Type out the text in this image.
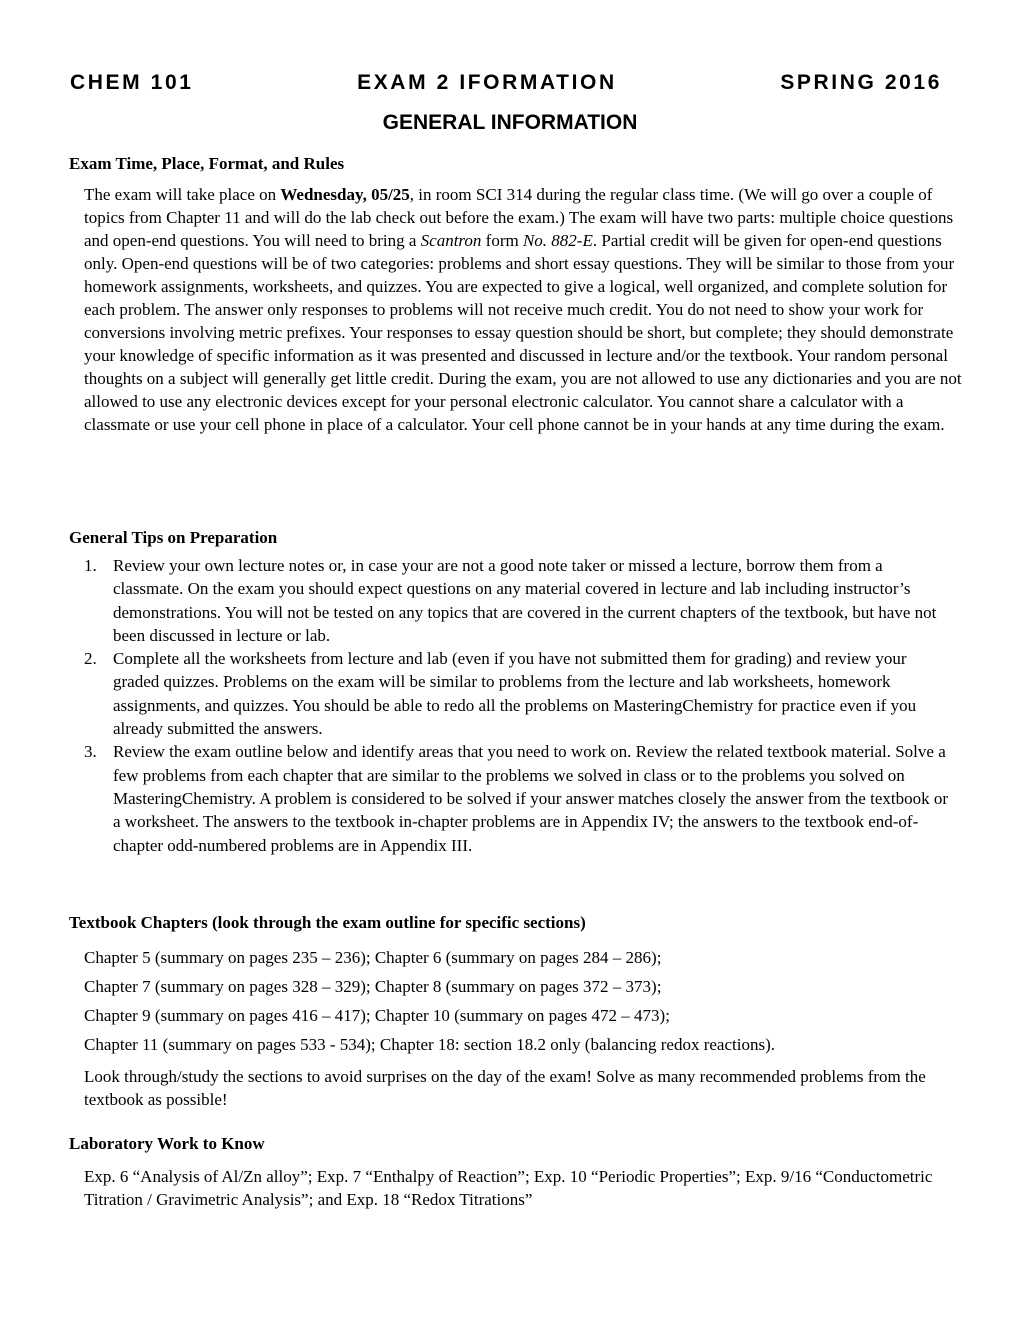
CHEM 101	EXAM 2 IFORMATION	SPRING 2016
GENERAL INFORMATION
Exam Time, Place, Format, and Rules

The exam will take place on Wednesday, 05/25, in room SCI 314 during the regular class time. (We will go over a couple of topics from Chapter 11 and will do the lab check out before the exam.) The exam will have two parts: multiple choice questions and open-end questions. You will need to bring a Scantron form No. 882-E. Partial credit will be given for open-end questions only. Open-end questions will be of two categories: problems and short essay questions. They will be similar to those from your homework assignments, worksheets, and quizzes. You are expected to give a logical, well organized, and complete solution for each problem. The answer only responses to problems will not receive much credit. You do not need to show your work for conversions involving metric prefixes. Your responses to essay question should be short, but complete; they should demonstrate your knowledge of specific information as it was presented and discussed in lecture and/or the textbook. Your random personal thoughts on a subject will generally get little credit. During the exam, you are not allowed to use any dictionaries and you are not allowed to use any electronic devices except for your personal electronic calculator. You cannot share a calculator with a classmate or use your cell phone in place of a calculator. Your cell phone cannot be in your hands at any time during the exam.

General Tips on Preparation
1. Review your own lecture notes or, in case your are not a good note taker or missed a lecture, borrow them from a classmate. On the exam you should expect questions on any material covered in lecture and lab including instructor’s demonstrations. You will not be tested on any topics that are covered in the current chapters of the textbook, but have not been discussed in lecture or lab.
2. Complete all the worksheets from lecture and lab (even if you have not submitted them for grading) and review your graded quizzes. Problems on the exam will be similar to problems from the lecture and lab worksheets, homework assignments, and quizzes. You should be able to redo all the problems on MasteringChemistry for practice even if you already submitted the answers.
3. Review the exam outline below and identify areas that you need to work on. Review the related textbook material. Solve a few problems from each chapter that are similar to the problems we solved in class or to the problems you solved on MasteringChemistry. A problem is considered to be solved if your answer matches closely the answer from the textbook or a worksheet. The answers to the textbook in-chapter problems are in Appendix IV; the answers to the textbook end-of-chapter odd-numbered problems are in Appendix III.
Textbook Chapters (look through the exam outline for specific sections)
Chapter 5 (summary on pages 235 – 236); Chapter 6 (summary on pages 284 – 286);
Chapter 7 (summary on pages 328 – 329); Chapter 8 (summary on pages 372 – 373);
Chapter 9 (summary on pages 416 – 417); Chapter 10 (summary on pages 472 – 473);
Chapter 11 (summary on pages 533 - 534); Chapter 18: section 18.2 only (balancing redox reactions).
Look through/study the sections to avoid surprises on the day of the exam! Solve as many recommended problems from the textbook as possible!
Laboratory Work to Know
Exp. 6 “Analysis of Al/Zn alloy”; Exp. 7 “Enthalpy of Reaction”; Exp. 10 “Periodic Properties”; Exp. 9/16 “Conductometric Titration / Gravimetric Analysis”; and Exp. 18 “Redox Titrations”
